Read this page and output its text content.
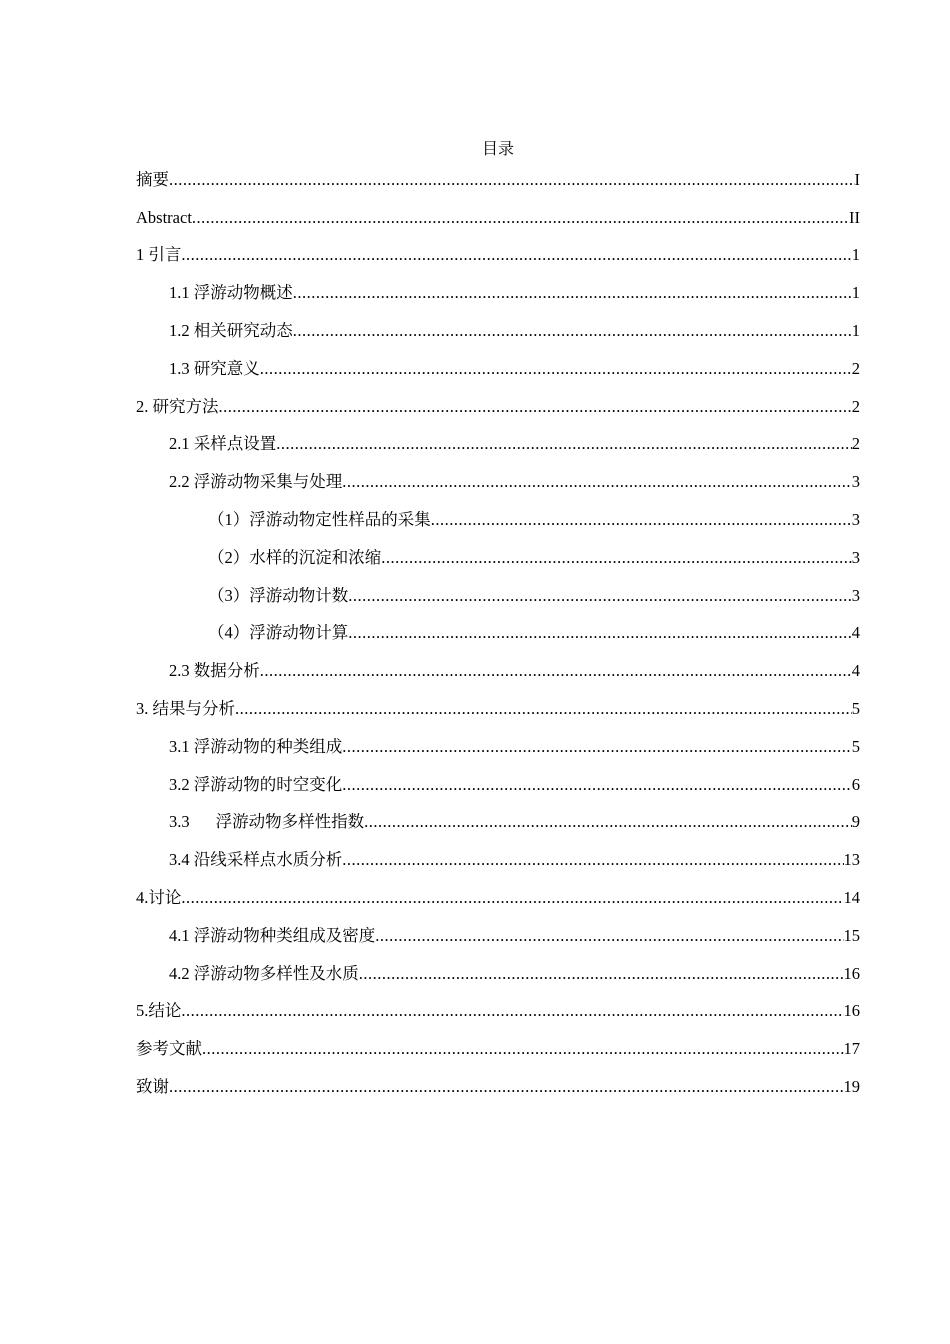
目录
摘要 .....	I
Abstract .....	II
1 引言 .....	1
1.1 浮游动物概述 .....	1
1.2 相关研究动态 .....	1
1.3 研究意义 .....	2
2. 研究方法 .....	2
2.1 采样点设置 .....	2
2.2 浮游动物采集与处理 .....	3
（1）浮游动物定性样品的采集 .....	3
（2）水样的沉淀和浓缩 .....	3
（3）浮游动物计数 .....	3
（4）浮游动物计算 .....	4
2.3 数据分析 .....	4
3. 结果与分析 .....	5
3.1 浮游动物的种类组成 .....	5
3.2 浮游动物的时空变化 .....	6
3.3 浮游动物多样性指数 .....	9
3.4 沿线采样点水质分析 .....	13
4.讨论 .....	14
4.1 浮游动物种类组成及密度 .....	15
4.2 浮游动物多样性及水质 .....	16
5.结论 .....	16
参考文献 .....	17
致谢 .....	19
